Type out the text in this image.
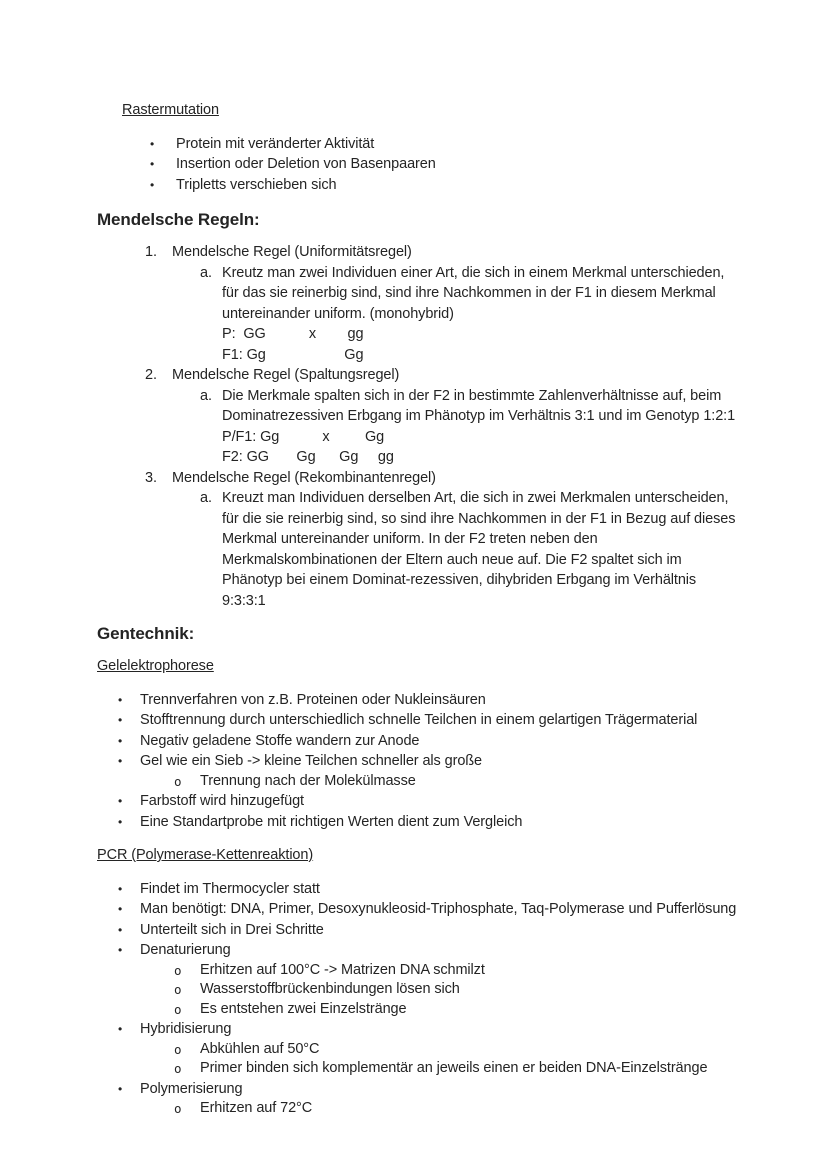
Rastermutation
•	Protein mit veränderter Aktivität
•	Insertion oder Deletion von Basenpaaren
•	Tripletts verschieben sich
Mendelsche Regeln:
1.	Mendelsche Regel (Uniformitätsregel)
a. Kreutz man zwei Individuen einer Art, die sich in einem Merkmal unterschieden,
für das sie reinerbig sind, sind ihre Nachkommen in der F1 in diesem Merkmal
untereinander uniform. (monohybrid)
P:  GG           x        gg
F1: Gg                    Gg
2.	Mendelsche Regel (Spaltungsregel)
a. Die Merkmale spalten sich in der F2 in bestimmte Zahlenverhältnisse auf, beim
Dominatrezessiven Erbgang im Phänotyp im Verhältnis 3:1 und im Genotyp 1:2:1
P/F1: Gg           x         Gg
F2: GG       Gg      Gg     gg
3.	Mendelsche Regel (Rekombinantenregel)
a. Kreuzt man Individuen derselben Art, die sich in zwei Merkmalen unterscheiden,
für die sie reinerbig sind, so sind ihre Nachkommen in der F1 in Bezug auf dieses
Merkmal untereinander uniform. In der F2 treten neben den
Merkmalskombinationen der Eltern auch neue auf. Die F2 spaltet sich im
Phänotyp bei einem Dominat-rezessiven, dihybriden Erbgang im Verhältnis
9:3:3:1
Gentechnik:
Gelelektrophorese
•	Trennverfahren von z.B. Proteinen oder Nukleinsäuren
•	Stofftrennung durch unterschiedlich schnelle Teilchen in einem gelartigen Trägermaterial
•	Negativ geladene Stoffe wandern zur Anode
•	Gel wie ein Sieb -> kleine Teilchen schneller als große
o	Trennung nach der Molekülmasse
•	Farbstoff wird hinzugefügt
•	Eine Standartprobe mit richtigen Werten dient zum Vergleich
PCR (Polymerase-Kettenreaktion)
•	Findet im Thermocycler statt
•	Man benötigt: DNA, Primer, Desoxynukleosid-Triphosphate, Taq-Polymerase und Pufferlösung
•	Unterteilt sich in Drei Schritte
•	Denaturierung
o	Erhitzen auf 100°C -> Matrizen DNA schmilzt
o	Wasserstoffbrückenbindungen lösen sich
o	Es entstehen zwei Einzelstränge
•	Hybridisierung
o	Abkühlen auf 50°C
o	Primer binden sich komplementär an jeweils einen er beiden DNA-Einzelstränge
•	Polymerisierung
o	Erhitzen auf 72°C
